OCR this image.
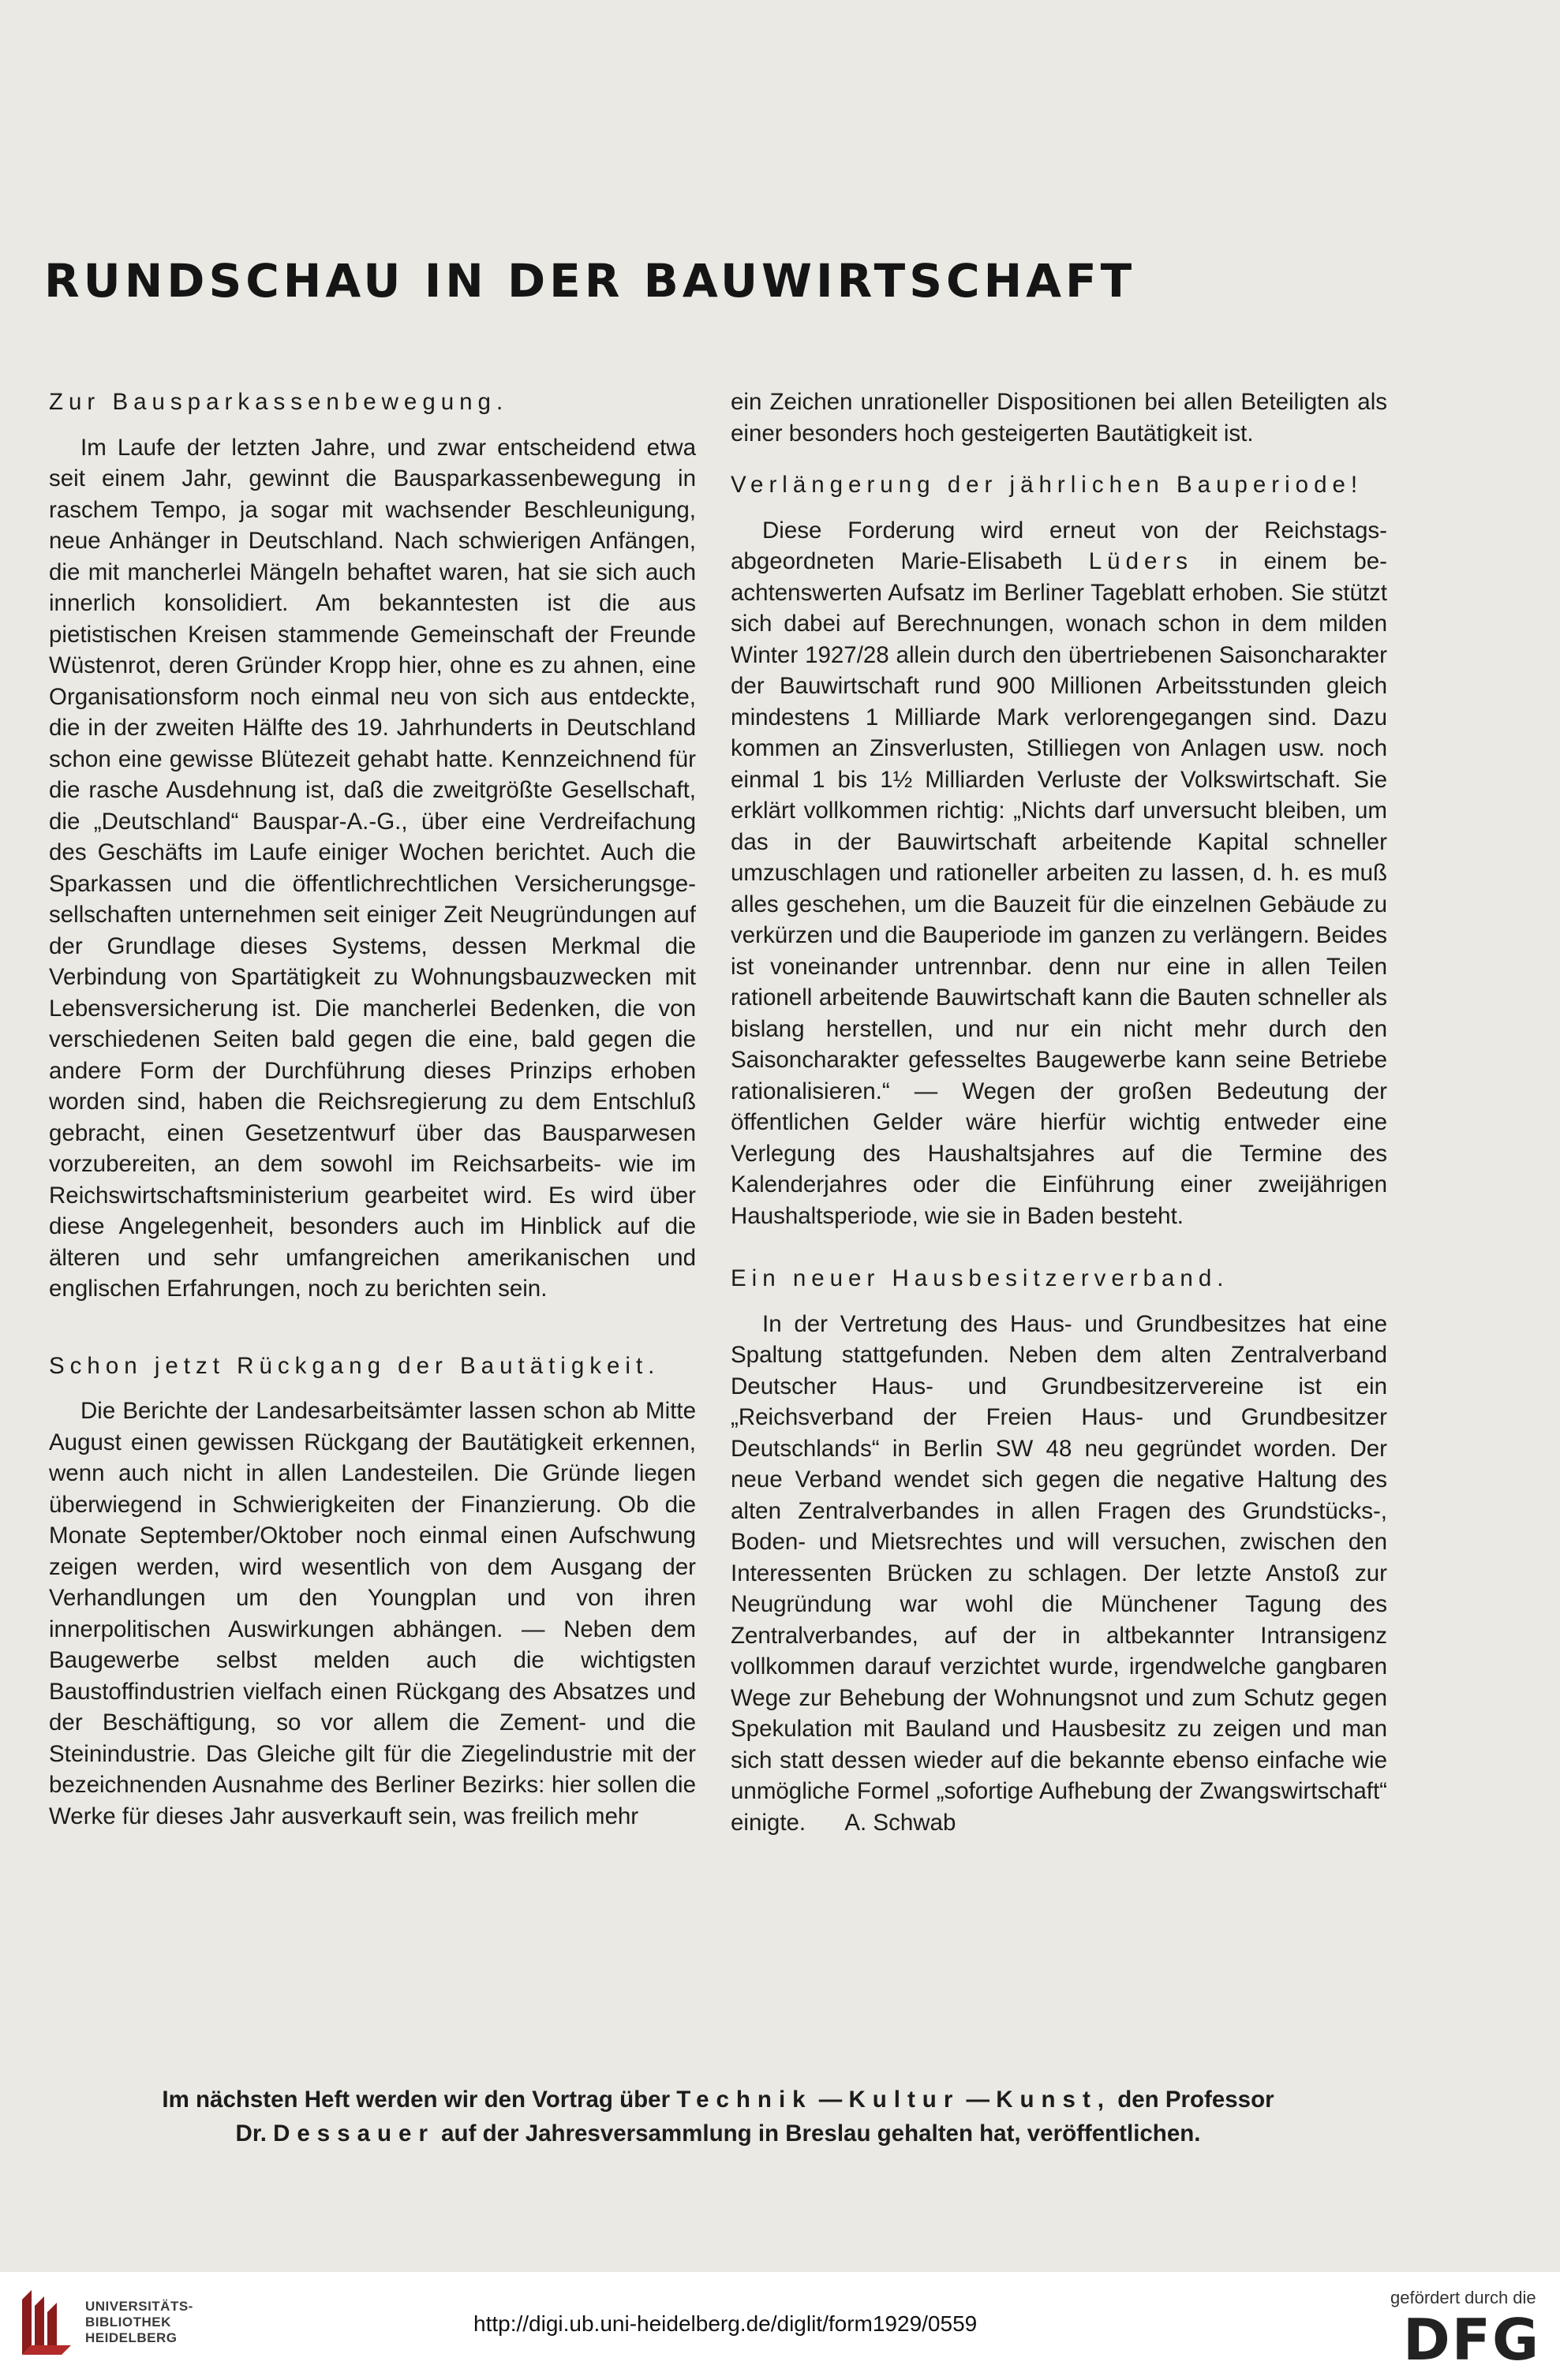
RUNDSCHAU IN DER BAUWIRTSCHAFT
Zur Bausparkassenbewegung.

Im Laufe der letzten Jahre, und zwar entscheidend etwa seit einem Jahr, gewinnt die Bausparkassenbewegung in raschem Tempo, ja sogar mit wachsender Beschleunigung, neue Anhänger in Deutschland. Nach schwierigen Anfängen, die mit mancherlei Mängeln behaftet waren, hat sie sich auch innerlich konsolidiert. Am bekanntesten ist die aus pietistischen Kreisen stammende Gemeinschaft der Freunde Wüstenrot, deren Gründer Kropp hier, ohne es zu ahnen, eine Organisationsform noch einmal neu von sich aus entdeckte, die in der zweiten Hälfte des 19. Jahrhunderts in Deutschland schon eine gewisse Blütezeit gehabt hatte. Kennzeichnend für die rasche Ausdehnung ist, daß die zweitgrößte Gesellschaft, die „Deutschland“ Bauspar-A.-G., über eine Verdreifachung des Geschäfts im Laufe einiger Wochen berichtet. Auch die Sparkassen und die öffentlichrechtlichen Versicherungsgesellschaften unternehmen seit einiger Zeit Neugründungen auf der Grundlage dieses Systems, dessen Merkmal die Verbindung von Spartätigkeit zu Wohnungsbauzwecken mit Lebensversicherung ist. Die mancherlei Bedenken, die von verschiedenen Seiten bald gegen die eine, bald gegen die andere Form der Durchführung dieses Prinzips erhoben worden sind, haben die Reichsregierung zu dem Entschluß gebracht, einen Gesetzentwurf über das Bausparwesen vorzubereiten, an dem sowohl im Reichsarbeits- wie im Reichswirtschaftsministerium gearbeitet wird. Es wird über diese Angelegenheit, besonders auch im Hinblick auf die älteren und sehr umfangreichen amerikanischen und englischen Erfahrungen, noch zu berichten sein.

Schon jetzt Rückgang der Bautätigkeit.

Die Berichte der Landesarbeitsämter lassen schon ab Mitte August einen gewissen Rückgang der Bautätigkeit erkennen, wenn auch nicht in allen Landesteilen. Die Gründe liegen überwiegend in Schwierigkeiten der Finanzierung. Ob die Monate September/Oktober noch einmal einen Aufschwung zeigen werden, wird wesentlich von dem Ausgang der Verhandlungen um den Youngplan und von ihren innerpolitischen Auswirkungen abhängen. — Neben dem Baugewerbe selbst melden auch die wichtigsten Baustoffindustrien vielfach einen Rückgang des Absatzes und der Beschäftigung, so vor allem die Zement- und die Steinindustrie. Das Gleiche gilt für die Ziegelindustrie mit der bezeichnenden Ausnahme des Berliner Bezirks: hier sollen die Werke für dieses Jahr ausverkauft sein, was freilich mehr

ein Zeichen unrationeller Dispositionen bei allen Beteiligten als einer besonders hoch gesteigerten Bautätigkeit ist.

Verlängerung der jährlichen Bauperiode!

Diese Forderung wird erneut von der Reichstagsabgeordneten Marie-Elisabeth Lüders in einem beachtenswerten Aufsatz im Berliner Tageblatt erhoben. Sie stützt sich dabei auf Berechnungen, wonach schon in dem milden Winter 1927/28 allein durch den übertriebenen Saisoncharakter der Bauwirtschaft rund 900 Millionen Arbeitsstunden gleich mindestens 1 Milliarde Mark verlorengegangen sind. Dazu kommen an Zinsverlusten, Stilliegen von Anlagen usw. noch einmal 1 bis 1½ Milliarden Verluste der Volkswirtschaft. Sie erklärt vollkommen richtig: „Nichts darf unversucht bleiben, um das in der Bauwirtschaft arbeitende Kapital schneller umzuschlagen und rationeller arbeiten zu lassen, d. h. es muß alles geschehen, um die Bauzeit für die einzelnen Gebäude zu verkürzen und die Bauperiode im ganzen zu verlängern. Beides ist voneinander untrennbar. denn nur eine in allen Teilen rationell arbeitende Bauwirtschaft kann die Bauten schneller als bislang herstellen, und nur ein nicht mehr durch den Saisoncharakter gefesseltes Baugewerbe kann seine Betriebe rationalisieren.“ — Wegen der großen Bedeutung der öffentlichen Gelder wäre hierfür wichtig entweder eine Verlegung des Haushaltsjahres auf die Termine des Kalenderjahres oder die Einführung einer zweijährigen Haushaltsperiode, wie sie in Baden besteht.

Ein neuer Hausbesitzerverband.

In der Vertretung des Haus- und Grundbesitzes hat eine Spaltung stattgefunden. Neben dem alten Zentralverband Deutscher Haus- und Grundbesitzervereine ist ein „Reichsverband der Freien Haus- und Grundbesitzer Deutschlands“ in Berlin SW 48 neu gegründet worden. Der neue Verband wendet sich gegen die negative Haltung des alten Zentralverbandes in allen Fragen des Grundstücks-, Boden- und Mietsrechtes und will versuchen, zwischen den Interessenten Brücken zu schlagen. Der letzte Anstoß zur Neugründung war wohl die Münchener Tagung des Zentralverbandes, auf der in altbekannter Intransigenz vollkommen darauf verzichtet wurde, irgendwelche gangbaren Wege zur Behebung der Wohnungsnot und zum Schutz gegen Spekulation mit Bauland und Hausbesitz zu zeigen und man sich statt dessen wieder auf die bekannte ebenso einfache wie unmögliche Formel „sofortige Aufhebung der Zwangswirtschaft“ einigte. A. Schwab

Im nächsten Heft werden wir den Vortrag über Technik — Kultur — Kunst, den Professor
Dr. Dessauer auf der Jahresversammlung in Breslau gehalten hat, veröffentlichen.
UNIVERSITÄTS-
BIBLIOTHEK
HEIDELBERG
http://digi.ub.uni-heidelberg.de/diglit/form1929/0559
gefördert durch die
DFG
